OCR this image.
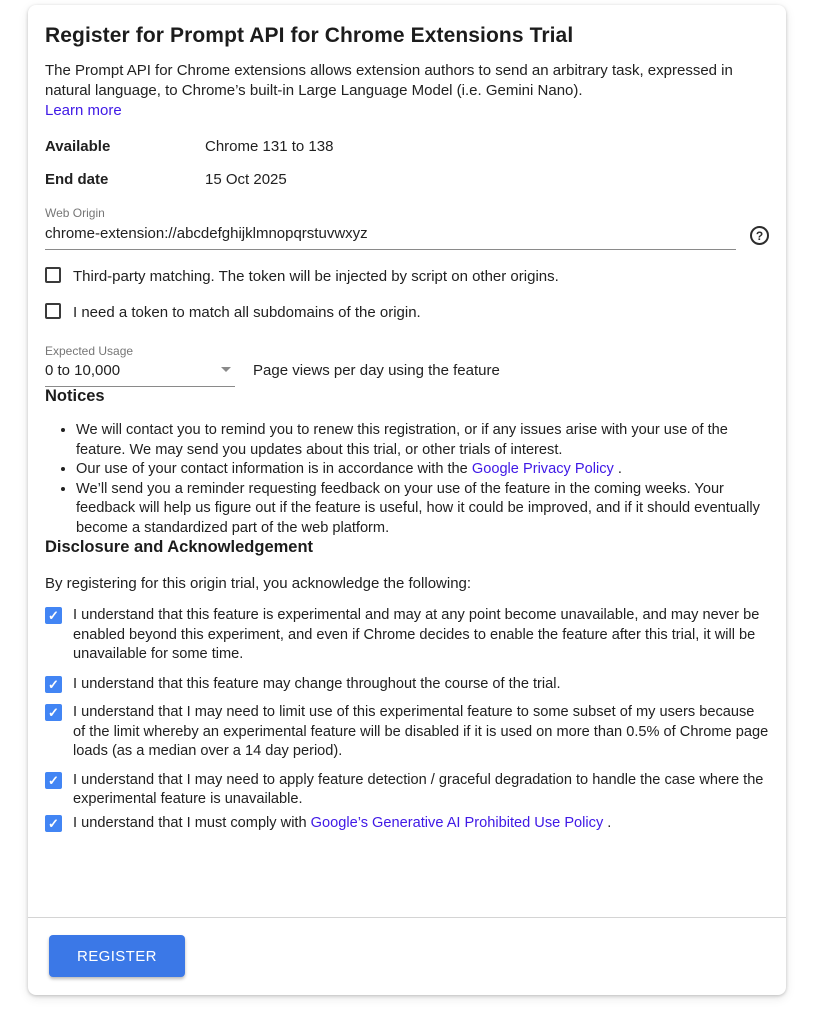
Register for Prompt API for Chrome Extensions Trial
The Prompt API for Chrome extensions allows extension authors to send an arbitrary task, expressed in natural language, to Chrome’s built-in Large Language Model (i.e. Gemini Nano).
Learn more
Available	Chrome 131 to 138
End date	15 Oct 2025
Web Origin
chrome-extension://abcdefghijklmnopqrstuvwxyz
?
Third-party matching. The token will be injected by script on other origins.
I need a token to match all subdomains of the origin.
Expected Usage
0 to 10,000	Page views per day using the feature
Notices
• We will contact you to remind you to renew this registration, or if any issues arise with your use of the feature. We may send you updates about this trial, or other trials of interest.
• Our use of your contact information is in accordance with the Google Privacy Policy .
• We’ll send you a reminder requesting feedback on your use of the feature in the coming weeks. Your feedback will help us figure out if the feature is useful, how it could be improved, and if it should eventually become a standardized part of the web platform.
Disclosure and Acknowledgement
By registering for this origin trial, you acknowledge the following:
✓
I understand that this feature is experimental and may at any point become unavailable, and may never be enabled beyond this experiment, and even if Chrome decides to enable the feature after this trial, it will be unavailable for some time.
✓
I understand that this feature may change throughout the course of the trial.
✓
I understand that I may need to limit use of this experimental feature to some subset of my users because of the limit whereby an experimental feature will be disabled if it is used on more than 0.5% of Chrome page loads (as a median over a 14 day period).
✓
I understand that I may need to apply feature detection / graceful degradation to handle the case where the experimental feature is unavailable.
✓
I understand that I must comply with Google’s Generative AI Prohibited Use Policy .
REGISTER
